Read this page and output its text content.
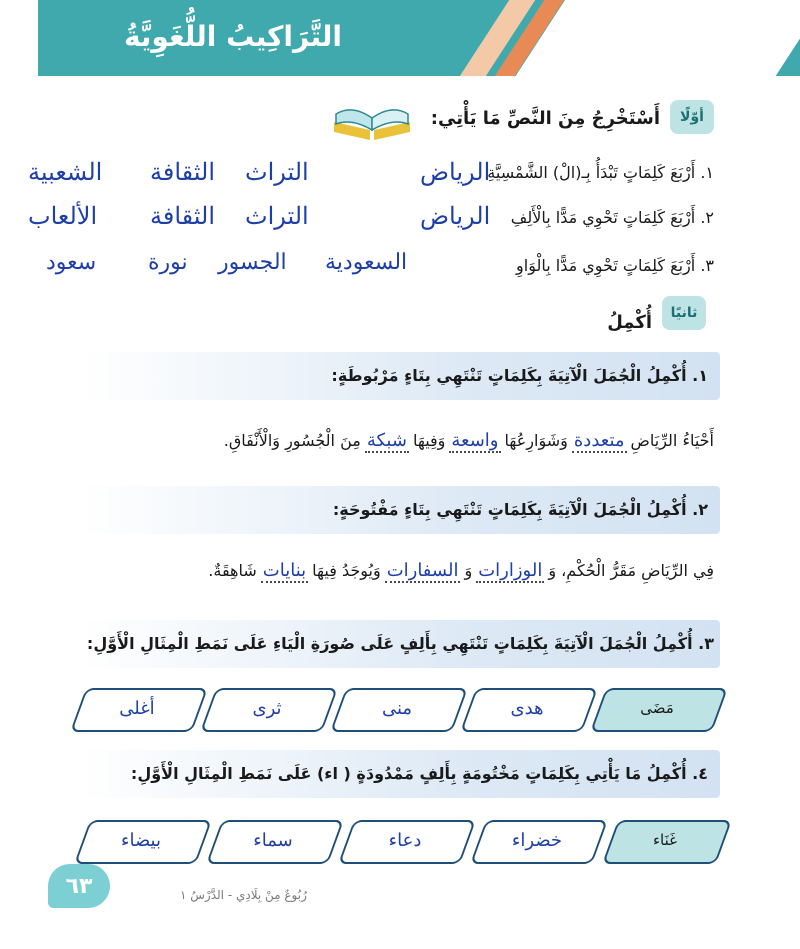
التَّرَاكِيبُ اللُّغَوِيَّةُ
أوّلًا
أَسْتَخْرِجُ مِنَ النَّصِّ مَا يَأْتِي:
١. أَرْبَعَ كَلِمَاتٍ تَبْدَأُ بِـ(الْ) الشَّمْسِيَّةِ
الرياض
التراث
الثقافة
الشعبية
٢. أَرْبَعَ كَلِمَاتٍ تَحْوِي مَدًّا بِالْأَلِفِ
الرياض
التراث
الثقافة
الألعاب
٣. أَرْبَعَ كَلِمَاتٍ تَحْوِي مَدًّا بِالْوَاوِ
السعودية
الجسور
نورة
سعود
ثانيًا
أُكْمِلُ
١. أُكْمِلُ الْجُمَلَ الْآتِيَةَ بِكَلِمَاتٍ تَنْتَهِي بِتَاءٍ مَرْبُوطَةٍ:
أَحْيَاءُ الرِّيَاضِ
متعددة
وَشَوَارِعُهَا
واسعة
وَفِيهَا
شبكة
مِنَ الْجُسُورِ وَالْأَنْفَاقِ.
٢. أُكْمِلُ الْجُمَلَ الْآتِيَةَ بِكَلِمَاتٍ تَنْتَهِي بِتَاءٍ مَفْتُوحَةٍ:
فِي الرِّيَاضِ مَقَرُّ الْحُكْمِ، وَ
الوزارات
وَ
السفارات
وَيُوجَدُ فِيهَا
بنايات
شَاهِقَةٌ.
٣. أُكْمِلُ الْجُمَلَ الْآتِيَةَ بِكَلِمَاتٍ تَنْتَهِي بِأَلِفٍ عَلَى صُورَةِ الْيَاءِ عَلَى نَمَطِ الْمِثَالِ الْأَوَّلِ:
مَضَى
هدى
منى
ثرى
أغلى
٤. أُكْمِلُ مَا يَأْتِي بِكَلِمَاتٍ مَخْتُومَةٍ بِأَلِفٍ مَمْدُودَةٍ ( اء) عَلَى نَمَطِ الْمِثَالِ الْأَوَّلِ:
غَنَاء
خضراء
دعاء
سماء
بيضاء
٦٣	رُبُوعٌ مِنْ بِلَادِي - الدَّرْسُ ١
